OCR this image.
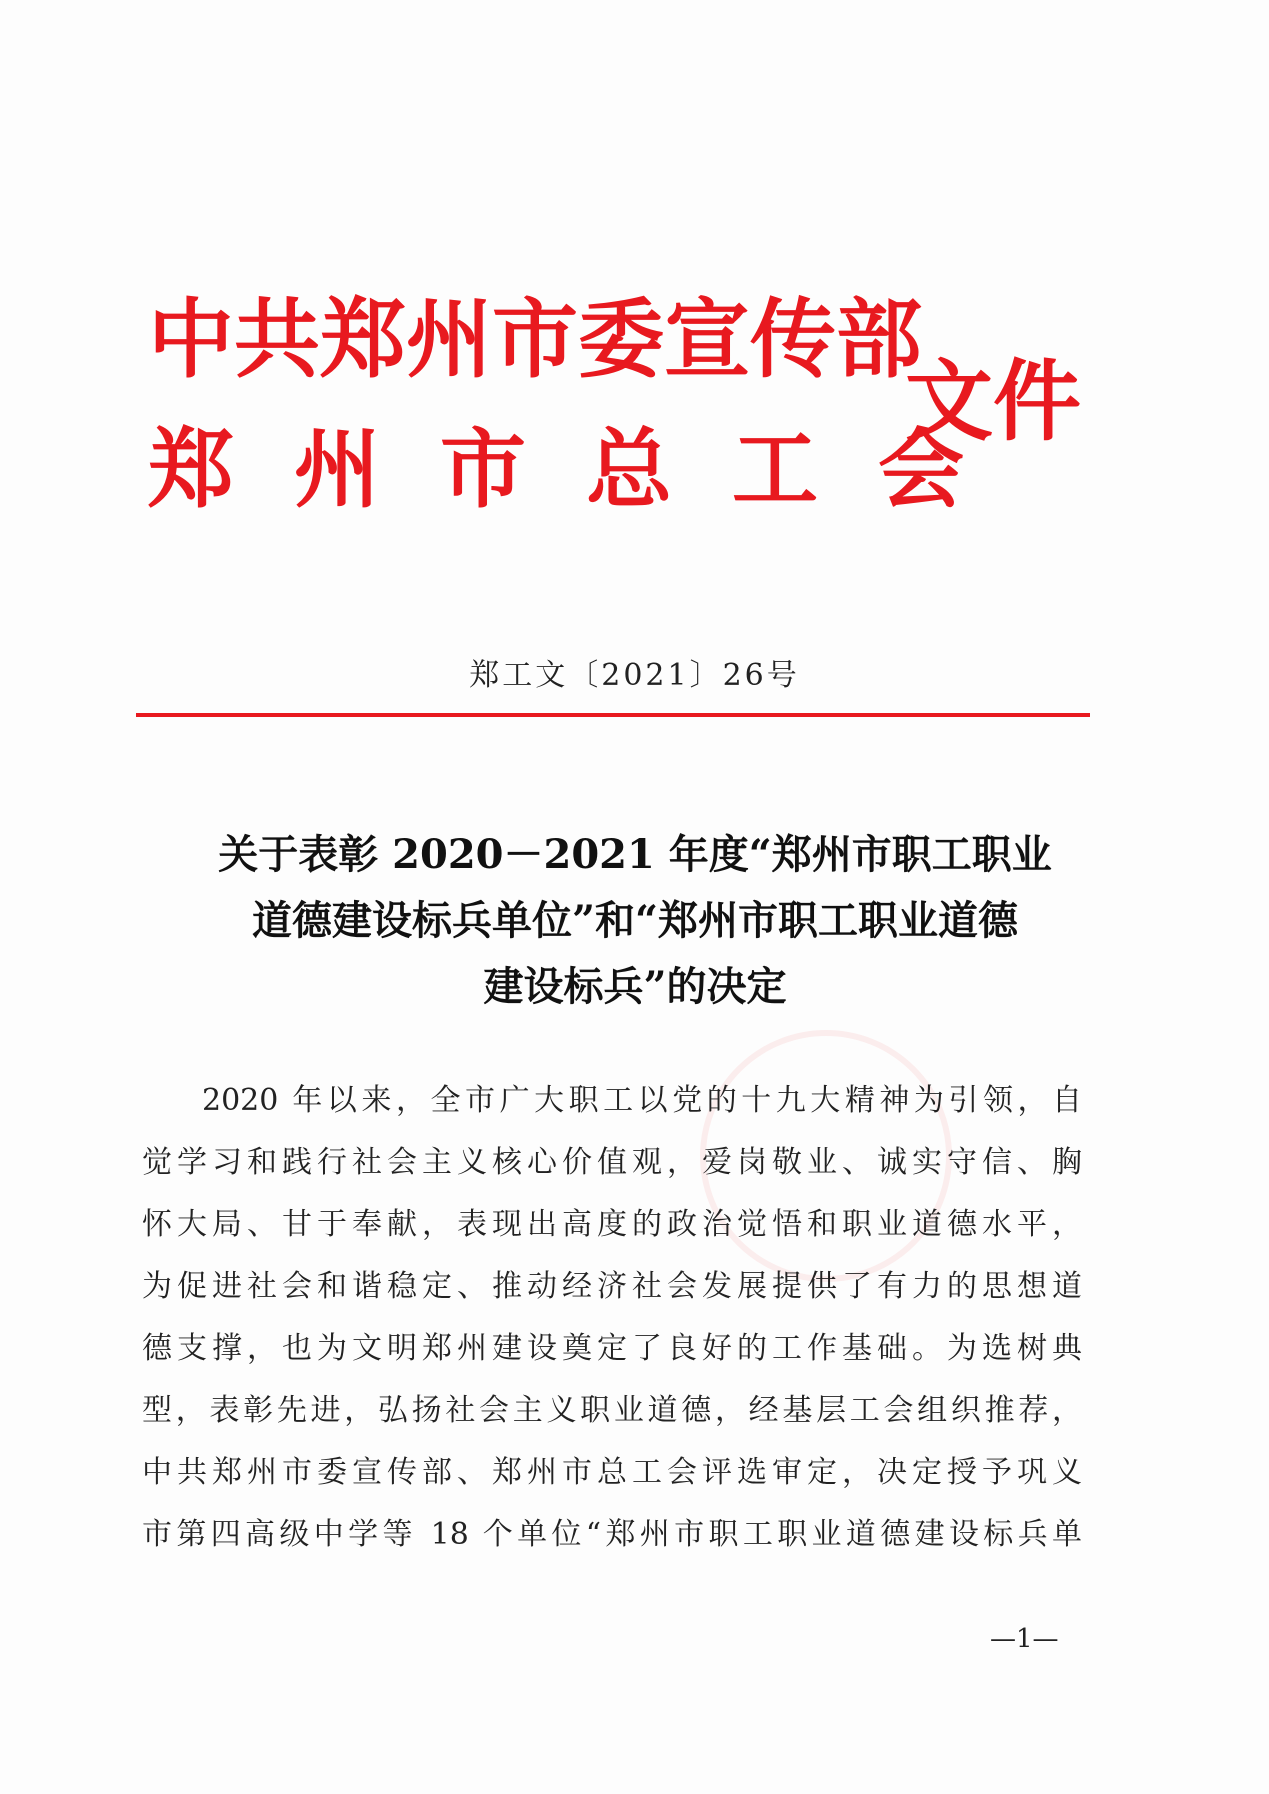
中共郑州市委宣传部
郑州市总工会
文件
郑工文〔2021〕26号
关于表彰 2020－2021 年度“郑州市职工职业
道德建设标兵单位”和“郑州市职工职业道德
建设标兵”的决定
2020 年以来，全市广大职工以党的十九大精神为引领，自
觉学习和践行社会主义核心价值观，爱岗敬业、诚实守信、胸
怀大局、甘于奉献，表现出高度的政治觉悟和职业道德水平，
为促进社会和谐稳定、推动经济社会发展提供了有力的思想道
德支撑，也为文明郑州建设奠定了良好的工作基础。为选树典
型，表彰先进，弘扬社会主义职业道德，经基层工会组织推荐，
中共郑州市委宣传部、郑州市总工会评选审定，决定授予巩义
市第四高级中学等 18 个单位“郑州市职工职业道德建设标兵单
—1—
